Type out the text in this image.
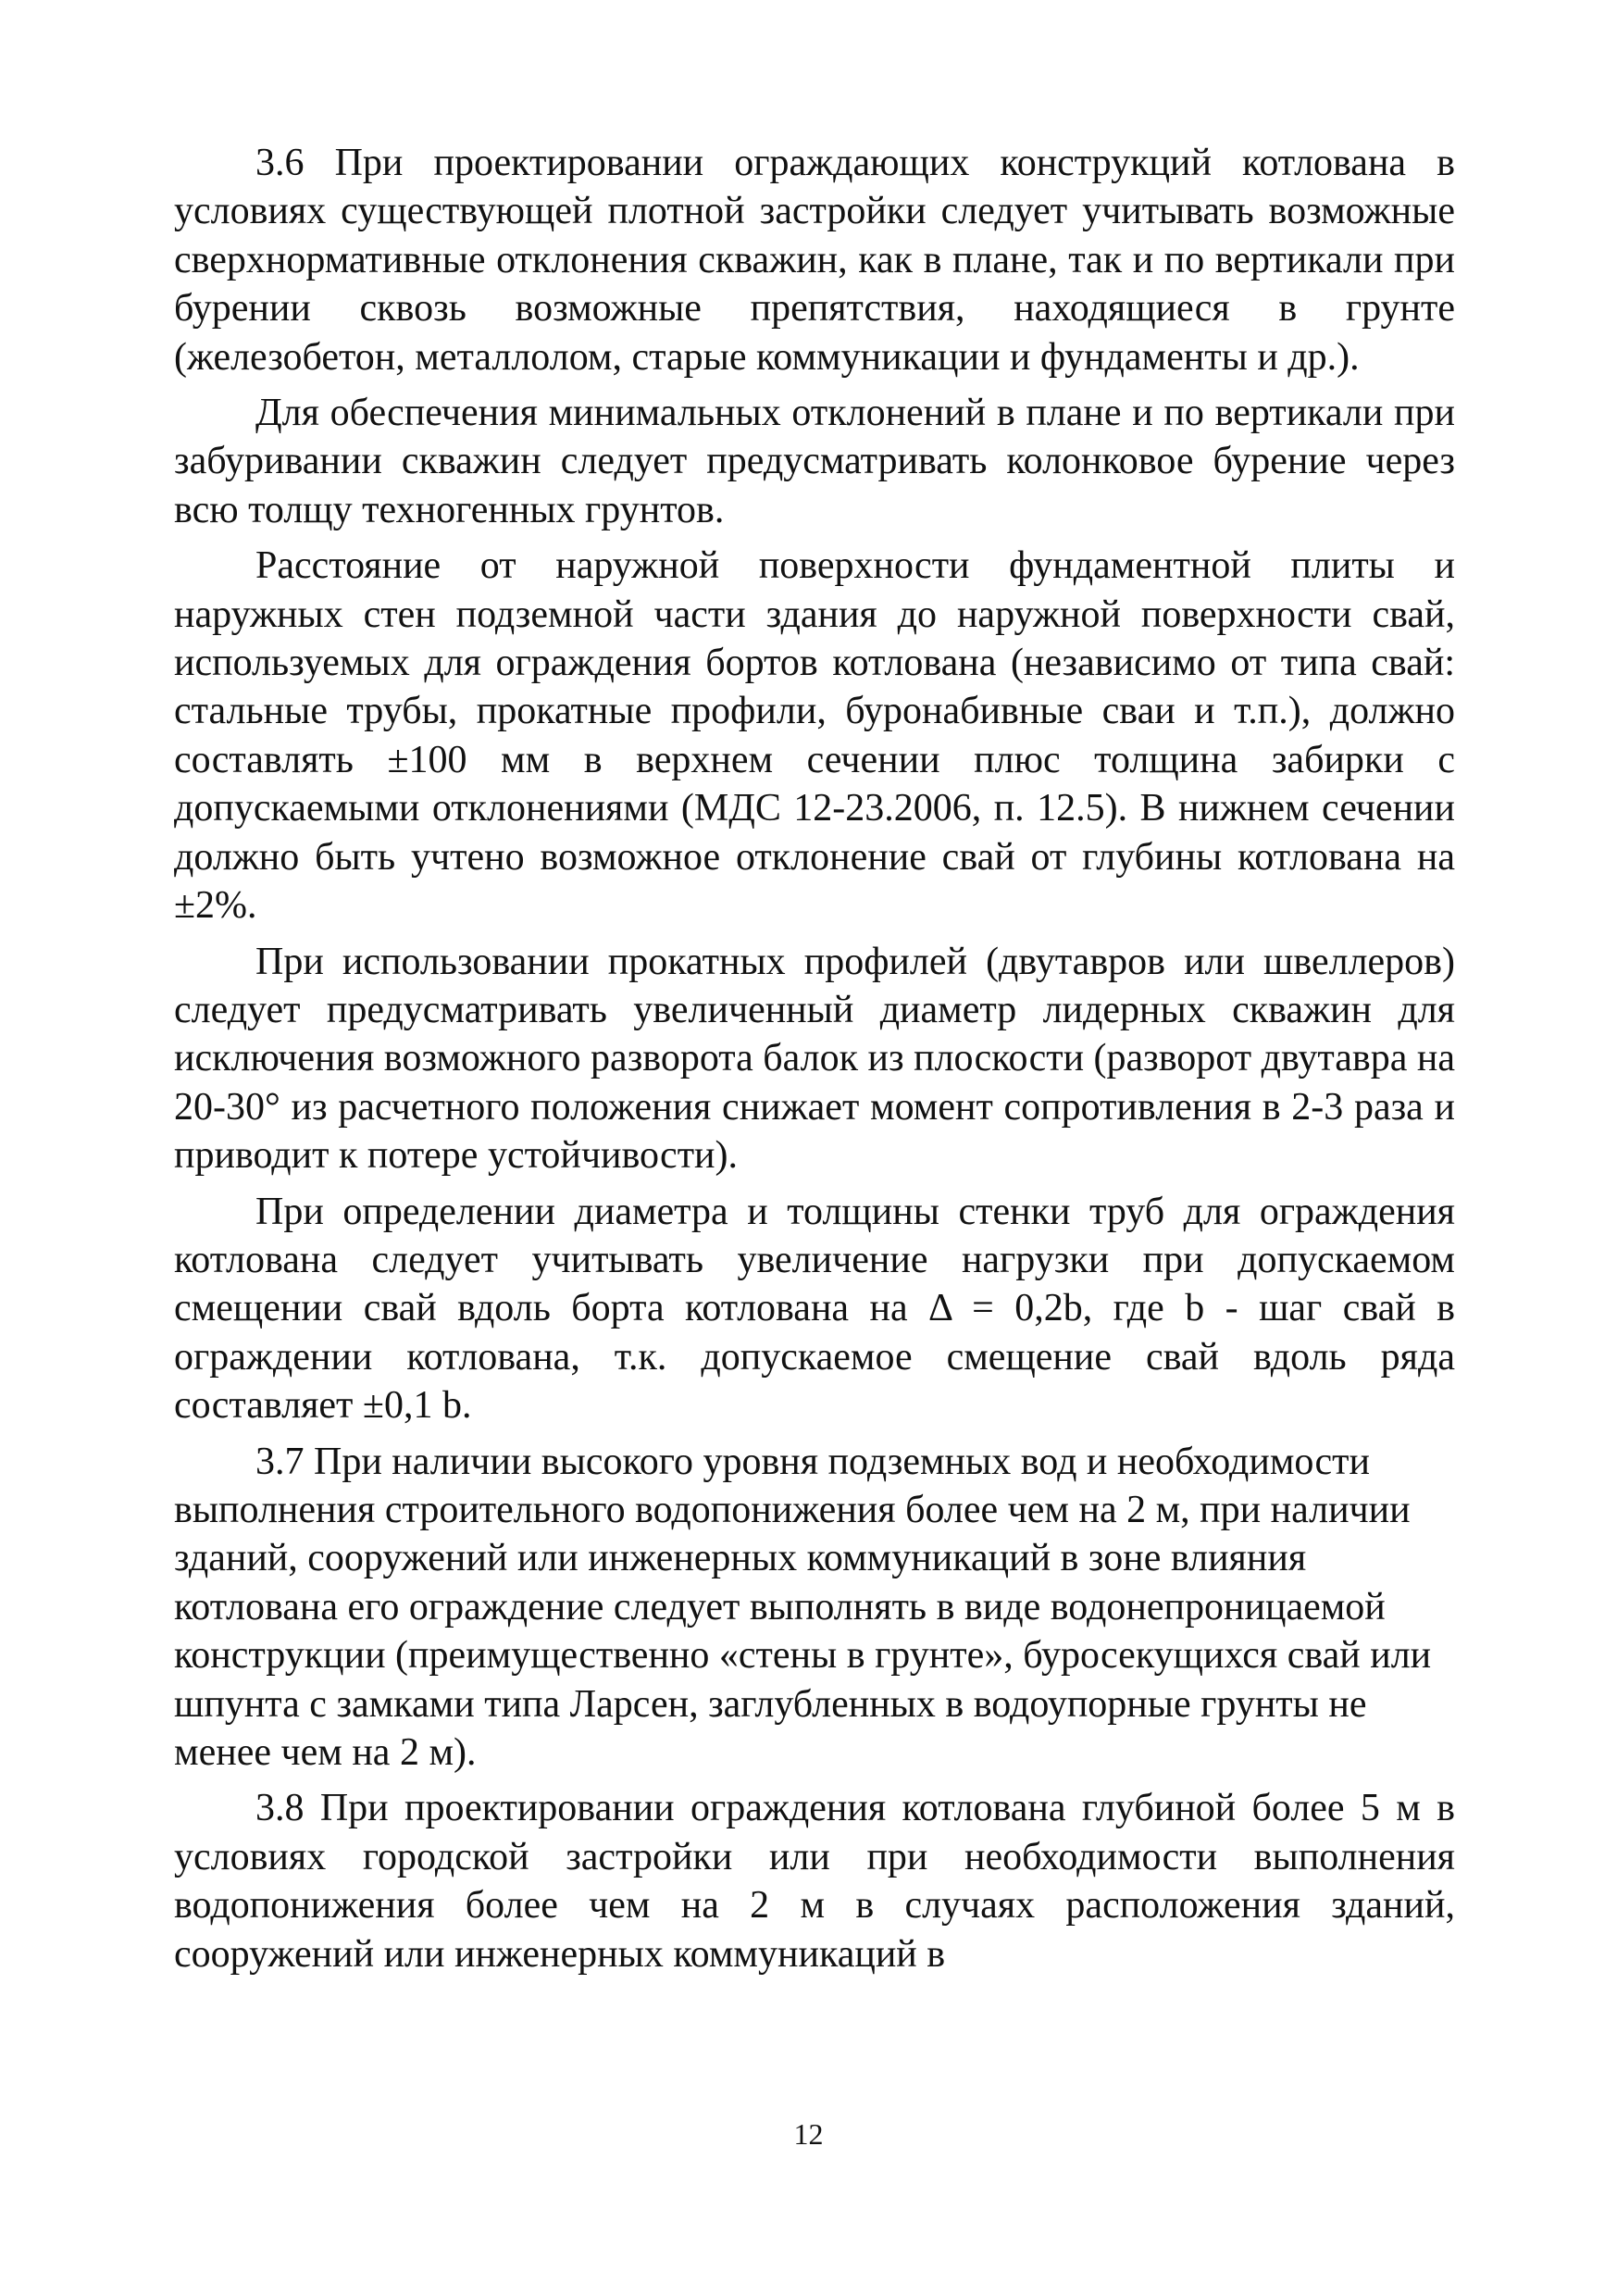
3.6 При проектировании ограждающих конструкций котлована в условиях существующей плотной застройки следует учитывать возможные сверхнормативные отклонения скважин, как в плане, так и по вертикали при бурении сквозь возможные препятствия, находящиеся в грунте (железобетон, металлолом, старые коммуникации и фундаменты и др.).

Для обеспечения минимальных отклонений в плане и по вертикали при забуривании скважин следует предусматривать колонковое бурение через всю толщу техногенных грунтов.

Расстояние от наружной поверхности фундаментной плиты и наружных стен подземной части здания до наружной поверхности свай, используемых для ограждения бортов котлована (независимо от типа свай: стальные трубы, прокатные профили, буронабивные сваи и т.п.), должно составлять ±100 мм в верхнем сечении плюс толщина забирки с допускаемыми отклонениями (МДС 12-23.2006, п. 12.5). В нижнем сечении должно быть учтено возможное отклонение свай от глубины котлована на ±2%.

При использовании прокатных профилей (двутавров или швеллеров) следует предусматривать увеличенный диаметр лидерных скважин для исключения возможного разворота балок из плоскости (разворот двутавра на 20-30° из расчетного положения снижает момент сопротивления в 2-3 раза и приводит к потере устойчивости).

При определении диаметра и толщины стенки труб для ограждения котлована следует учитывать увеличение нагрузки при допускаемом смещении свай вдоль борта котлована на Δ = 0,2b, где b - шаг свай в ограждении котлована, т.к. допускаемое смещение свай вдоль ряда составляет ±0,1 b.

3.7 При наличии высокого уровня подземных вод и необходимости выполнения строительного водопонижения более чем на 2 м, при наличии зданий, сооружений или инженерных коммуникаций в зоне влияния котлована его ограждение следует выполнять в виде водонепроницаемой конструкции (преимущественно «стены в грунте», буросекущихся свай или шпунта с замками типа Ларсен, заглубленных в водоупорные грунты не менее чем на 2 м).

3.8 При проектировании ограждения котлована глубиной более 5 м в условиях городской застройки или при необходимости выполнения водопонижения более чем на 2 м в случаях расположения зданий, сооружений или инженерных коммуникаций в

12
